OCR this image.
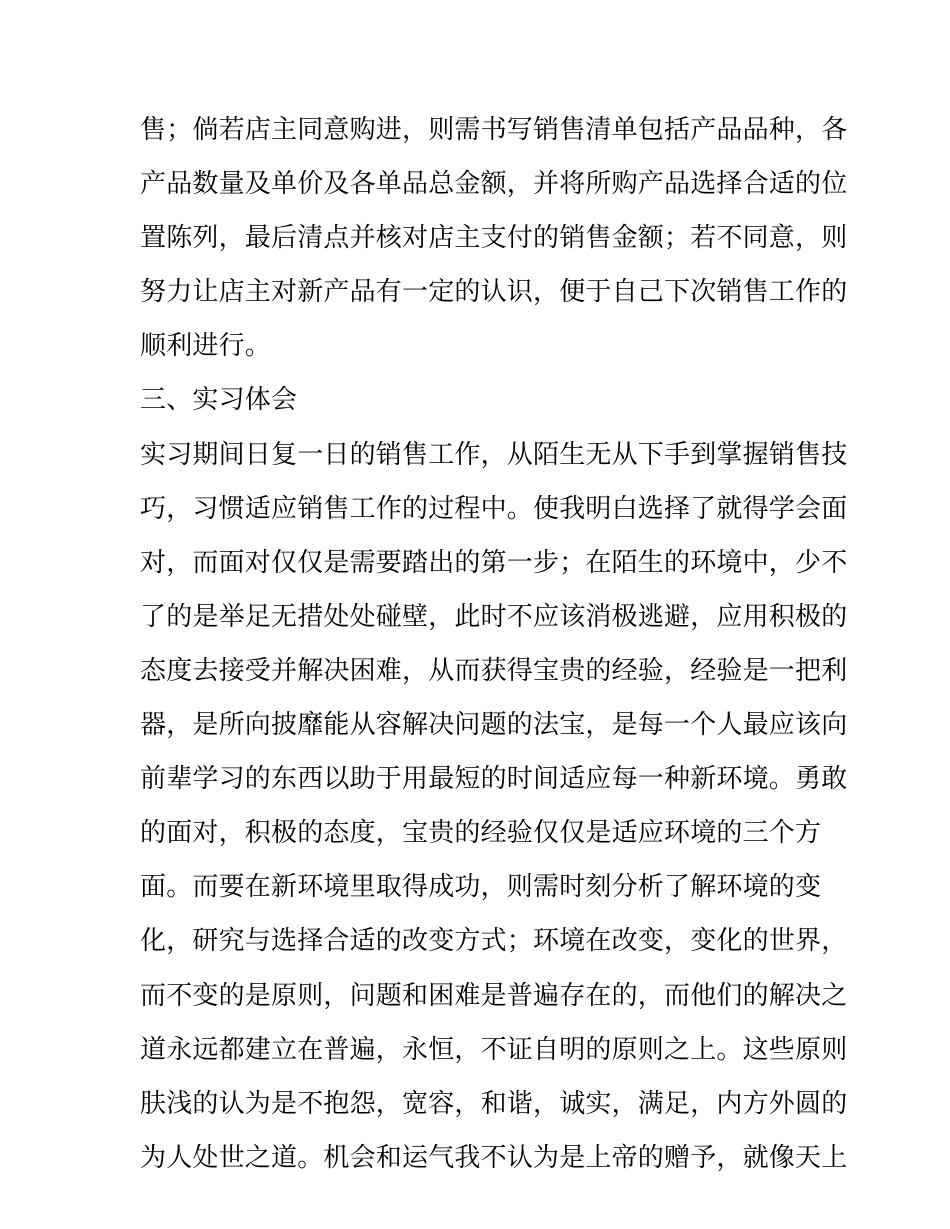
售；倘若店主同意购进，则需书写销售清单包括产品品种，各
产品数量及单价及各单品总金额，并将所购产品选择合适的位
置陈列，最后清点并核对店主支付的销售金额；若不同意，则
努力让店主对新产品有一定的认识，便于自己下次销售工作的
顺利进行。
三、实习体会
实习期间日复一日的销售工作，从陌生无从下手到掌握销售技
巧，习惯适应销售工作的过程中。使我明白选择了就得学会面
对，而面对仅仅是需要踏出的第一步；在陌生的环境中，少不
了的是举足无措处处碰壁，此时不应该消极逃避，应用积极的
态度去接受并解决困难，从而获得宝贵的经验，经验是一把利
器，是所向披靡能从容解决问题的法宝，是每一个人最应该向
前辈学习的东西以助于用最短的时间适应每一种新环境。勇敢
的面对，积极的态度，宝贵的经验仅仅是适应环境的三个方
面。而要在新环境里取得成功，则需时刻分析了解环境的变
化，研究与选择合适的改变方式；环境在改变，变化的世界，
而不变的是原则，问题和困难是普遍存在的，而他们的解决之
道永远都建立在普遍，永恒，不证自明的原则之上。这些原则
肤浅的认为是不抱怨，宽容，和谐，诚实，满足，内方外圆的
为人处世之道。机会和运气我不认为是上帝的赠予，就像天上
